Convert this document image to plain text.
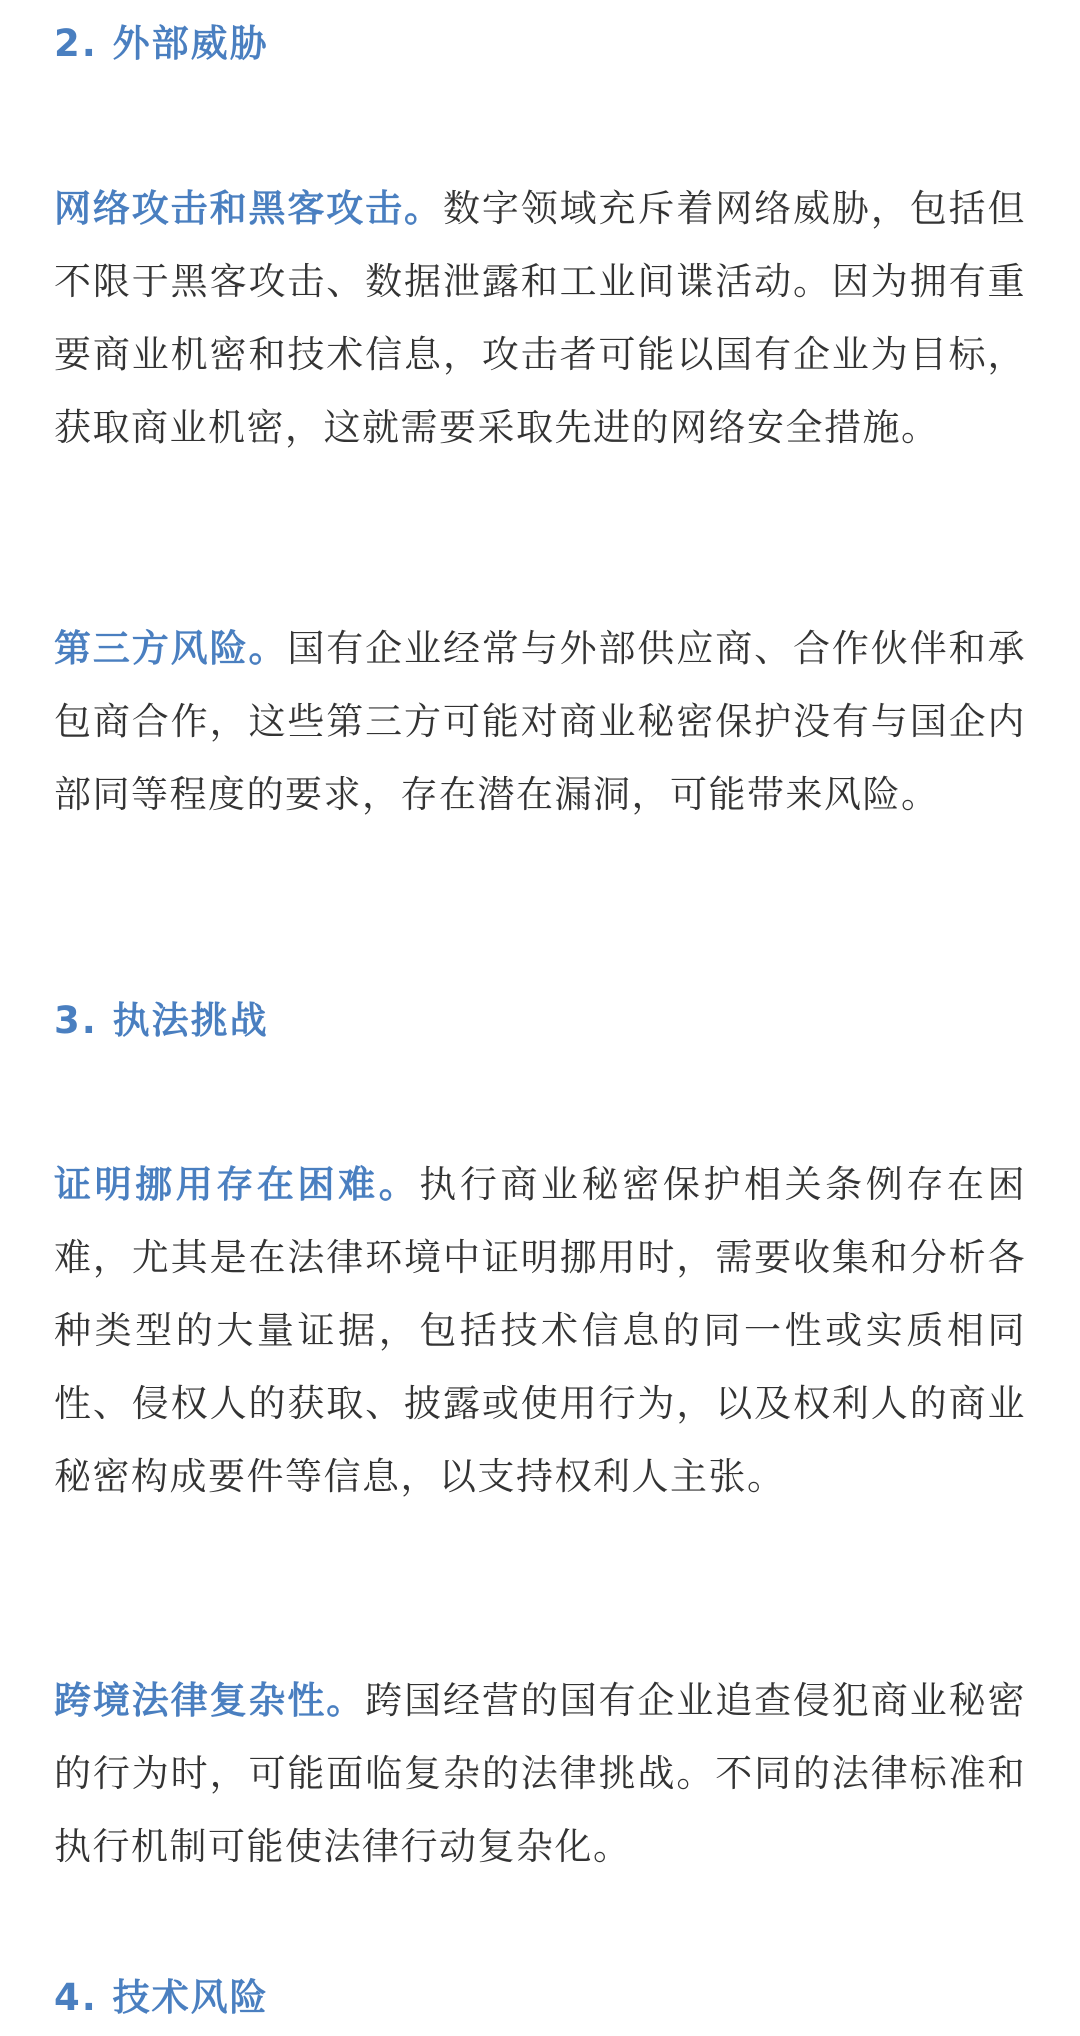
2. 外部威胁
网络攻击和黑客攻击。数字领域充斥着网络威胁，包括但不限于黑客攻击、数据泄露和工业间谍活动。因为拥有重要商业机密和技术信息，攻击者可能以国有企业为目标，获取商业机密，这就需要采取先进的网络安全措施。
第三方风险。国有企业经常与外部供应商、合作伙伴和承包商合作，这些第三方可能对商业秘密保护没有与国企内部同等程度的要求，存在潜在漏洞，可能带来风险。
3. 执法挑战
证明挪用存在困难。执行商业秘密保护相关条例存在困难，尤其是在法律环境中证明挪用时，需要收集和分析各种类型的大量证据，包括技术信息的同一性或实质相同性、侵权人的获取、披露或使用行为，以及权利人的商业秘密构成要件等信息，以支持权利人主张。
跨境法律复杂性。跨国经营的国有企业追查侵犯商业秘密的行为时，可能面临复杂的法律挑战。不同的法律标准和执行机制可能使法律行动复杂化。
4. 技术风险
